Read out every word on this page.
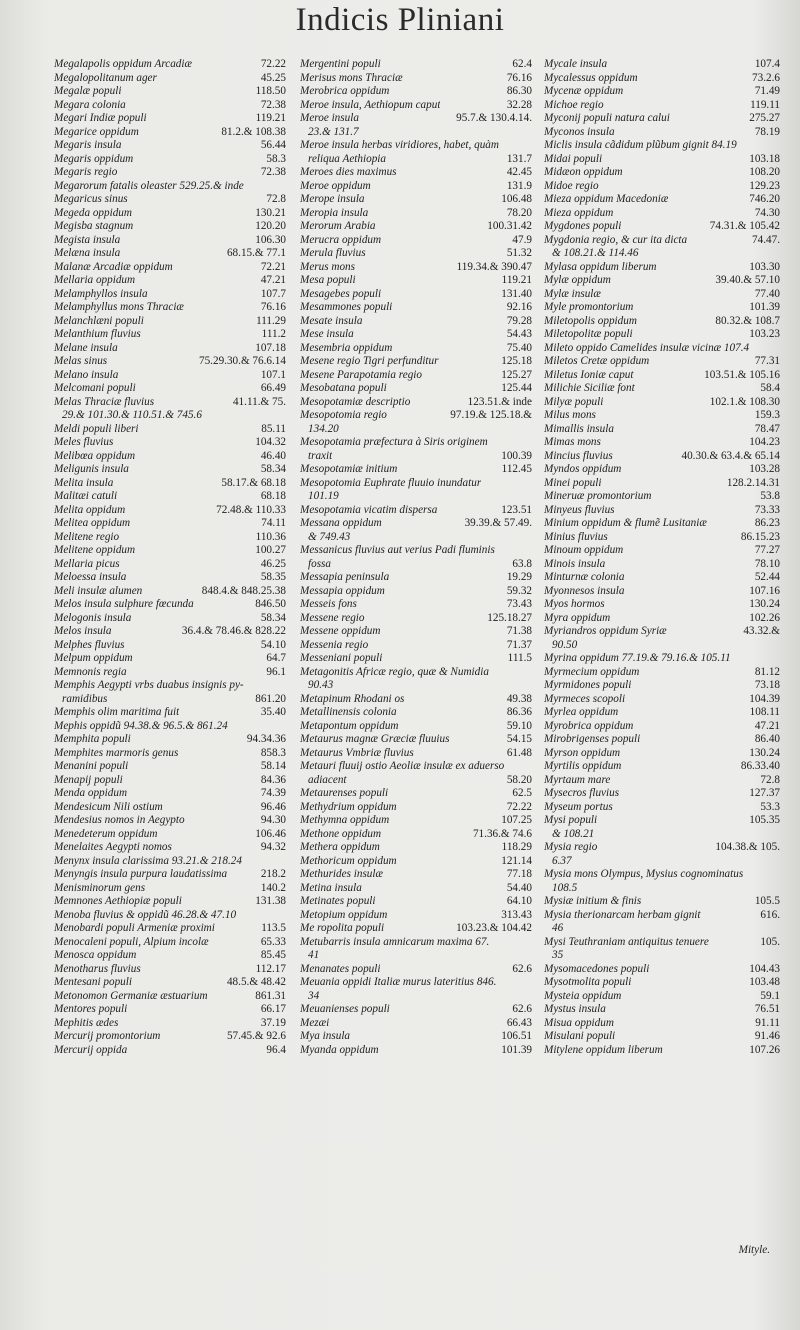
Indicis Pliniani
Megalapolis oppidum Arcadiæ	72.22
Megalopolitanum ager	45.25
Megalæ populi	118.50
Megara colonia	72.38
Megari Indiæ populi	119.21
Megarice oppidum	81.2.& 108.38
Megaris insula	56.44
Megaris oppidum	58.3
Megaris regio	72.38
Megarorum fatalis oleaster 529.25.& inde
Megaricus sinus	72.8
Megeda oppidum	130.21
Megisba stagnum	120.20
Megista insula	106.30
Melæna insula	68.15.& 77.1
Malanæ Arcadiæ oppidum	72.21
Mellaria oppidum	47.21
Melamphyllos insula	107.7
Melamphyllus mons Thraciæ	76.16
Melanchlæni populi	111.29
Melanthium fluvius	111.2
Melane insula	107.18
Melas sinus	75.29.30.& 76.6.14
Melano insula	107.1
Melcomani populi	66.49
Melas Thraciæ fluvius	41.11.& 75.
29.& 101.30.& 110.51.& 745.6
Meldi populi liberi	85.11
Meles fluvius	104.32
Melibœa oppidum	46.40
Meligunis insula	58.34
Melita insula	58.17.& 68.18
Malitæi catuli	68.18
Melita oppidum	72.48.& 110.33
Melitea oppidum	74.11
Melitene regio	110.36
Melitene oppidum	100.27
Mellaria picus	46.25
Meloessa insula	58.35
Meli insulæ alumen	848.4.& 848.25.38
Melos insula sulphure fœcunda	846.50
Melogonis insula	58.34
Melos insula	36.4.& 78.46.& 828.22
Melphes fluvius	54.10
Melpum oppidum	64.7
Memnonis regia	96.1
Memphis Aegypti vrbs duabus insignis py-
ramidibus	861.20
Memphis olim maritima fuit	35.40
Mephis oppidũ 94.38.& 96.5.& 861.24
Memphita populi	94.34.36
Memphites marmoris genus	858.3
Menanini populi	58.14
Menapij populi	84.36
Menda oppidum	74.39
Mendesicum Nili ostium	96.46
Mendesius nomos in Aegypto	94.30
Menedeterum oppidum	106.46
Menelaites Aegypti nomos	94.32
Menynx insula clarissima 93.21.& 218.24
Menyngis insula purpura laudatissima	218.2
Menisminorum gens	140.2
Memnones Aethiopiæ populi	131.38
Menoba fluvius & oppidũ 46.28.& 47.10
Menobardi populi Armeniæ proximi	113.5
Menocaleni populi, Alpium incolæ	65.33
Menosca oppidum	85.45
Menotharus fluvius	112.17
Mentesani populi	48.5.& 48.42
Metonomon Germaniæ æstuarium	861.31
Mentores populi	66.17
Mephitis ædes	37.19
Mercurij promontorium	57.45.& 92.6
Mercurij oppida	96.4
Mergentini populi	62.4
Merisus mons Thraciæ	76.16
Merobrica oppidum	86.30
Meroe insula, Aethiopum caput	32.28
Meroe insula	95.7.& 130.4.14.
23.& 131.7
Meroe insula herbas viridiores, habet, quàm
reliqua Aethiopia	131.7
Meroes dies maximus	42.45
Meroe oppidum	131.9
Merope insula	106.48
Meropia insula	78.20
Merorum Arabia	100.31.42
Merucra oppidum	47.9
Merula fluvius	51.32
Merus mons	119.34.& 390.47
Mesa populi	119.21
Mesagebes populi	131.40
Mesammones populi	92.16
Mesate insula	79.28
Mese insula	54.43
Mesembria oppidum	75.40
Mesene regio Tigri perfunditur	125.18
Mesene Parapotamia regio	125.27
Mesobatana populi	125.44
Mesopotamiæ descriptio	123.51.& inde
Mesopotomia regio	97.19.& 125.18.&
134.20
Mesopotamia præfectura à Siris originem
traxit	100.39
Mesopotamiæ initium	112.45
Mesopotomia Euphrate fluuio inundatur
101.19
Mesopotamia vicatim dispersa	123.51
Messana oppidum	39.39.& 57.49.
& 749.43
Messanicus fluvius aut verius Padi fluminis
fossa	63.8
Messapia peninsula	19.29
Messapia oppidum	59.32
Messeis fons	73.43
Messene regio	125.18.27
Messene oppidum	71.38
Messenia regio	71.37
Messeniani populi	111.5
Metagonitis Africæ regio, quæ & Numidia
90.43
Metapinum Rhodani os	49.38
Metallinensis colonia	86.36
Metapontum oppidum	59.10
Metaurus magnæ Græciæ fluuius	54.15
Metaurus Vmbriæ fluvius	61.48
Metauri fluuij ostio Aeoliæ insulæ ex aduerso
adiacent	58.20
Metaurenses populi	62.5
Methydrium oppidum	72.22
Methymna oppidum	107.25
Methone oppidum	71.36.& 74.6
Methera oppidum	118.29
Methoricum oppidum	121.14
Methurides insulæ	77.18
Metina insula	54.40
Metinates populi	64.10
Metopium oppidum	313.43
Me ropolita populi	103.23.& 104.42
Metubarris insula amnicarum maxima 67.
41
Menanates populi	62.6
Meuania oppidi Italiæ murus lateritius 846.
34
Meuanienses populi	62.6
Mezæi	66.43
Mya insula	106.51
Myanda oppidum	101.39
Mycale insula	107.4
Mycalessus oppidum	73.2.6
Mycenæ oppidum	71.49
Michoe regio	119.11
Myconij populi natura calui	275.27
Myconos insula	78.19
Miclis insula cãdidum plũbum gignit 84.19
Midai populi	103.18
Midæon oppidum	108.20
Midoe regio	129.23
Mieza oppidum Macedoniæ	746.20
Mieza oppidum	74.30
Mygdones populi	74.31.& 105.42
Mygdonia regio, & cur ita dicta	74.47.
& 108.21.& 114.46
Mylasa oppidum liberum	103.30
Mylæ oppidum	39.40.& 57.10
Mylæ insulæ	77.40
Myle promontorium	101.39
Miletopolis oppidum	80.32.& 108.7
Miletopolitæ populi	103.23
Mileto oppido Camelides insulæ vicinæ 107.4
Miletos Cretæ oppidum	77.31
Miletus Ioniæ caput	103.51.& 105.16
Milichie Siciliæ font	58.4
Milyæ populi	102.1.& 108.30
Milus mons	159.3
Mimallis insula	78.47
Mimas mons	104.23
Mincius fluvius	40.30.& 63.4.& 65.14
Myndos oppidum	103.28
Minei populi	128.2.14.31
Mineruæ promontorium	53.8
Minyeus fluvius	73.33
Minium oppidum & flumẽ Lusitaniæ	86.23
Minius fluvius	86.15.23
Minoum oppidum	77.27
Minois insula	78.10
Minturnæ colonia	52.44
Myonnesos insula	107.16
Myos hormos	130.24
Myra oppidum	102.26
Myriandros oppidum Syriæ	43.32.&
90.50
Myrina oppidum 77.19.& 79.16.& 105.11
Myrmecium oppidum	81.12
Myrmidones populi	73.18
Myrmeces scopoli	104.39
Myrlea oppidum	108.11
Myrobrica oppidum	47.21
Mirobrigenses populi	86.40
Myrson oppidum	130.24
Myrtilis oppidum	86.33.40
Myrtaum mare	72.8
Mysecros fluvius	127.37
Myseum portus	53.3
Mysi populi	105.35
& 108.21
Mysia regio	104.38.& 105.
6.37
Mysia mons Olympus, Mysius cognominatus
108.5
Mysiæ initium & finis	105.5
Mysia therionarcam herbam gignit	616.
46
Mysi Teuthraniam antiquitus tenuere	105.
35
Mysomacedones populi	104.43
Mysotmolita populi	103.48
Mysteia oppidum	59.1
Mystus insula	76.51
Misua oppidum	91.11
Misulani populi	91.46
Mitylene oppidum liberum	107.26
Mityle.
